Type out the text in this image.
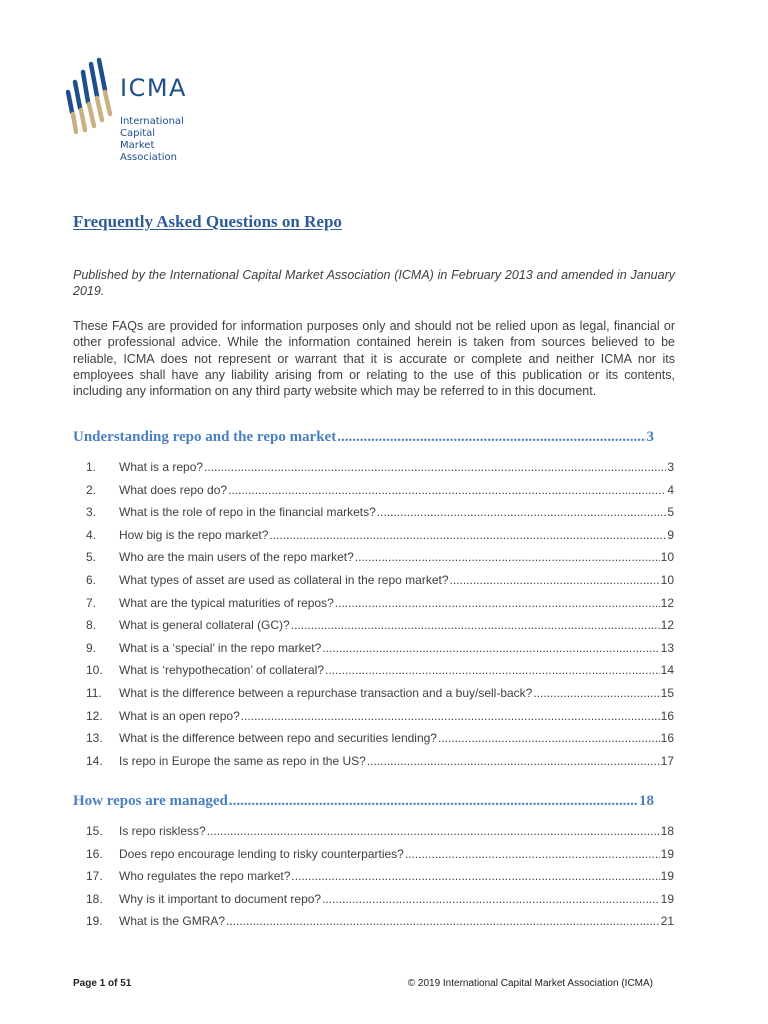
ICMA
International
Capital
Market
Association
Frequently Asked Questions on Repo

Published by the International Capital Market Association (ICMA) in February 2013 and amended in January 2019.

These FAQs are provided for information purposes only and should not be relied upon as legal, financial or other professional advice. While the information contained herein is taken from sources believed to be reliable, ICMA does not represent or warrant that it is accurate or complete and neither ICMA nor its employees shall have any liability arising from or relating to the use of this publication or its contents, including any information on any third party website which may be referred to in this document.

Understanding repo and the repo market .....	3
1.	What is a repo? .....	3
2.	What does repo do? .....	4
3.	What is the role of repo in the financial markets? .....	5
4.	How big is the repo market? .....	9
5.	Who are the main users of the repo market? .....	10
6.	What types of asset are used as collateral in the repo market? .....	10
7.	What are the typical maturities of repos? .....	12
8.	What is general collateral (GC)? .....	12
9.	What is a ‘special’ in the repo market? .....	13
10.	What is ‘rehypothecation’ of collateral? .....	14
11.	What is the difference between a repurchase transaction and a buy/sell-back? .....	15
12.	What is an open repo? .....	16
13.	What is the difference between repo and securities lending? .....	16
14.	Is repo in Europe the same as repo in the US? .....	17
How repos are managed .....	18
15.	Is repo riskless? .....	18
16.	Does repo encourage lending to risky counterparties? .....	19
17.	Who regulates the repo market? .....	19
18.	Why is it important to document repo? .....	19
19.	What is the GMRA? .....	21
Page 1 of 51	© 2019 International Capital Market Association (ICMA)
